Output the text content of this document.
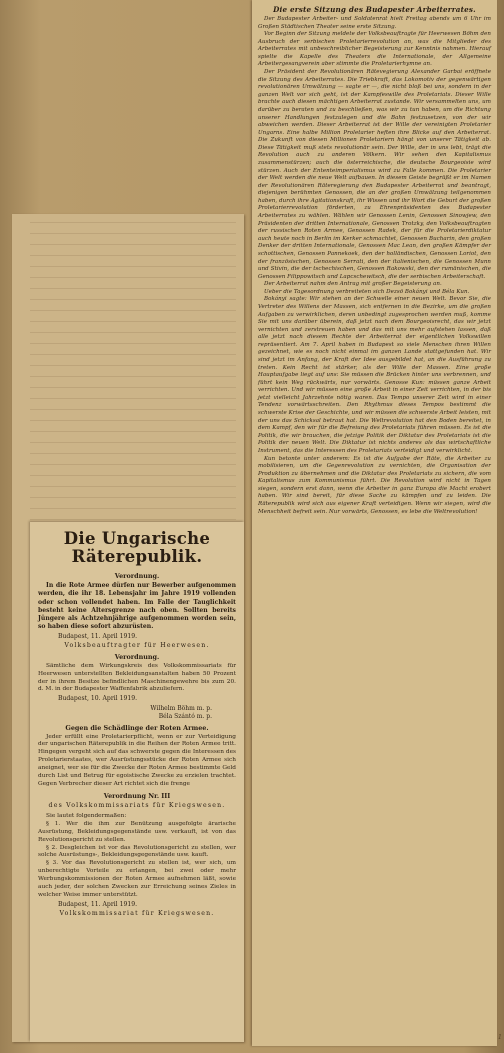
Die erste Sitzung des Budapester Arbeiterrates.

Der Budapester Arbeiter- und Soldatenrat hielt Freitag abends um 6 Uhr im Großen Städtischen Theater seine erste Sitzung.

Vor Beginn der Sitzung meldete der Volksbeauftragte für Heerwesen Böhm den Ausbruch der serbischen Proletarierrevolution an, was die Mitglieder des Arbeiterrates mit unbeschreiblicher Begeisterung zur Kenntnis nahmen. Hierauf spielte die Kapelle des Theaters die Internationale, der Allgemeine Arbeitergesangverein aber stimmte die Proletarierhymne an.

Der Präsident der Revolutionären Rätevegierung Alexander Garbai eröffnete die Sitzung des Arbeiterrates. Die Triebkraft, das Lokomotiv der gegenwärtigen revolutionären Umwälzung — sagte er —, die nicht bloß bei uns, sondern in der ganzen Welt vor sich geht, ist der Kampfeswille des Proletariats. Dieser Wille brachte auch diesen mächtigen Arbeiterrat zustande. Wir versammelten uns, um darüber zu beraten und zu beschließen, was wir zu tun haben, um die Richtung unserer Handlungen festzulegen und die Bahn festzusetzen, von der wir abweichen werden. Dieser Arbeiterrat ist der Wille der vereinigten Proletarier Ungarns. Eine halbe Million Proletarier heften ihre Blicke auf den Arbeiterrat. Die Zukunft von diesen Millionen Proletariern hängt von unserer Tätigkeit ab. Diese Tätigkeit muß stets revolutionär sein. Der Wille, der in uns lebt, trägt die Revolution auch zu anderen Völkern. Wir sehen den Kapitalismus zusammenstürzen; auch die österreichische, die deutsche Bourgeoisie wird stürzen. Auch der Ententeimperialismus wird zu Falle kommen. Die Proletarier der Welt werden die neue Welt aufbauen. In diesem Geiste begrüßt er im Namen der Revolutionären Räteregierung den Budapester Arbeiterrat und beantragt, diejenigen berühmten Genossen, die an der großen Umwälzung teilgenommen haben, durch ihre Agitationskraft, ihr Wissen und ihr Wort die Geburt der großen Proletarierrevolution förderten, zu Ehrenpräsidenten des Budapester Arbeiterrates zu wählen. Wählen wir Genossen Lenin, Genossen Sinowjew, den Präsidenten der dritten Internationale, Genossen Trotzky, den Volksbeauftragten der russischen Roten Armee, Genossen Radek, der für die Proletarierdiktatur auch heute noch in Berlin im Kerker schmachtet, Genossen Bucharin, den großen Denker der dritten Internationale, Genossen Mac Lean, den großen Kämpfer der schottischen, Genossen Pannekoek, den der holländischen, Genossen Loriot, den der französischen, Genossen Serrati, den der italienischen, die Genossen Munn und Stivin, die der tschechischen, Genossen Rakowski, den der rumänischen, die Genossen Filippowitsch und Lapcschewitsch, die der serbischen Arbeiterschaft.

Der Arbeiterrat nahm den Antrag mit großer Begeisterung an.

Ueber die Tagesordnung verbreiteten sich Dezsö Bokányi und Béla Kun.

Bokányi sagte: Wir stehen an der Schwelle einer neuen Welt. Bevor Sie, die Vertreter des Willens der Massen, sich entfernen in die Bezirke, um die großen Aufgaben zu verwirklichen, deren unbedingt zugesprochen werden muß, komme Sie mit uns darüber überein, daß jetzt nach dem Bourgeoisrecht, das wir jetzt vernichten und zerstreuen haben und das mit uns mehr aufstehen lassen, daß alle jetzt nach diesem Rechte der Arbeiterrat der eigentlichen Volkswillen repräsentiert. Am 7. April haben in Budapest so viele Menschen ihren Willen gezeichnet, wie es noch nicht einmal im ganzen Lande stattgefunden hat. Wir sind jetzt im Anfang, der Kraft der Idee ausgebildet hat, an die Ausführung zu treten. Kein Recht ist stärker, als der Wille der Massen. Eine große Hauptaufgabe liegt auf uns: Sie müssen die Brücken hinter uns verbrennen, und führt kein Weg rückwärts, nur vorwärts. Genosse Kun: müssen ganze Arbeit verrichten. Und wir müssen eine große Arbeit in einer Zeit verrichten, in der bis jetzt vielleicht Jahrzehnte nötig waren. Das Tempo unserer Zeit wird in einer Tendenz vorwärtsschreiten. Den Rhythmus dieses Tempos bestimmt die schwerste Krise der Geschichte, und wir müssen die schwerste Arbeit leisten, mit der uns das Schicksal betraut hat. Die Weltrevolution hat den Boden bereitet, in dem Kampf, den wir für die Befreiung des Proletariats führen müssen. Es ist die Politik, die wir brauchen, die jetzige Politik der Diktatur des Proletariats ist die Politik der neuen Welt. Die Diktatur ist nichts anderes als das wirtschaftliche Instrument, das die Interessen des Proletariats verteidigt und verwirklicht.

Kun betonte unter anderem: Es ist die Aufgabe der Räte, die Arbeiter zu mobilisieren, um die Gegenrevolution zu vernichten, die Organisation der Produktion zu übernehmen und die Diktatur des Proletariats zu sichern, die vom Kapitalismus zum Kommunismus führt. Die Revolution wird nicht in Tagen siegen, sondern erst dann, wenn die Arbeiter in ganz Europa die Macht erobert haben. Wir sind bereit, für diese Sache zu kämpfen und zu leiden. Die Räterepublik wird sich aus eigener Kraft verteidigen. Wenn wir siegen, wird die Menschheit befreit sein. Nur vorwärts, Genossen, es lebe die Weltrevolution!

Die Ungarische Räterepublik.
Verordnung.

In die Rote Armee dürfen nur Bewerber aufgenommen werden, die ihr 18. Lebensjahr im Jahre 1919 vollenden oder schon vollendet haben. Im Falle der Tauglichkeit besteht keine Altersgrenze nach oben. Sollten bereits Jüngere als Achtzehnjährige aufgenommen worden sein, so haben diese sofort abzurüsten.

Budapest, 11. April 1919.
Volksbeauftragter für Heerwesen.
Verordnung.

Sämtliche dem Wirkungskreis des Volkskommissariats für Heerwesen unterstellten Bekleidungsanstalten haben 50 Prozent der in ihrem Besitze befindlichen Maschinengewehre bis zum 20. d. M. in der Budapester Waffenfabrik abzuliefern.

Budapest, 10. April 1919.
Wilhelm Böhm m. p.
Béla Szántó m. p.
Gegen die Schädlinge der Roten Armee.

Jeder erfüllt eine Proletarierpflicht, wenn er zur Verteidigung der ungarischen Räterepublik in die Reihen der Roten Armee tritt. Hingegen vergeht sich auf das schwerste gegen die Interessen des Proletarierstaates, wer Ausrüstungsstücke der Roten Armee sich aneignet, wer sie für die Zwecke der Roten Armee bestimmte Geld durch List und Betrug für egoistische Zwecke zu erzielen trachtet. Gegen Verbrecher dieser Art richtet sich die frenge

Verordnung Nr. III
des Volkskommissariats für Kriegswesen.

Sie lautet folgendermaßen:

§ 1. Wer die ihm zur Benützung ausgefolgte ärarische Ausrüstung, Bekleidungsgegenstände usw. verkauft, ist von das Revolutionsgericht zu stellen.

§ 2. Desgleichen ist vor das Revolutionsgericht zu stellen, wer solche Ausrüstungs-, Bekleidungsgegenstände usw. kauft.

§ 3. Vor das Revolutionsgericht zu stellen ist, wer sich, um unberechtigte Vorteile zu erlangen, bei zwei oder mehr Werbungskommissionen der Roten Armee aufnehmen läßt, sowie auch jeder, der solchen Zwecken zur Erreichung seines Zieles in welcher Weise immer unterstützt.

Budapest, 11. April 1919.
Volkskommissariat für Kriegswesen.
1
